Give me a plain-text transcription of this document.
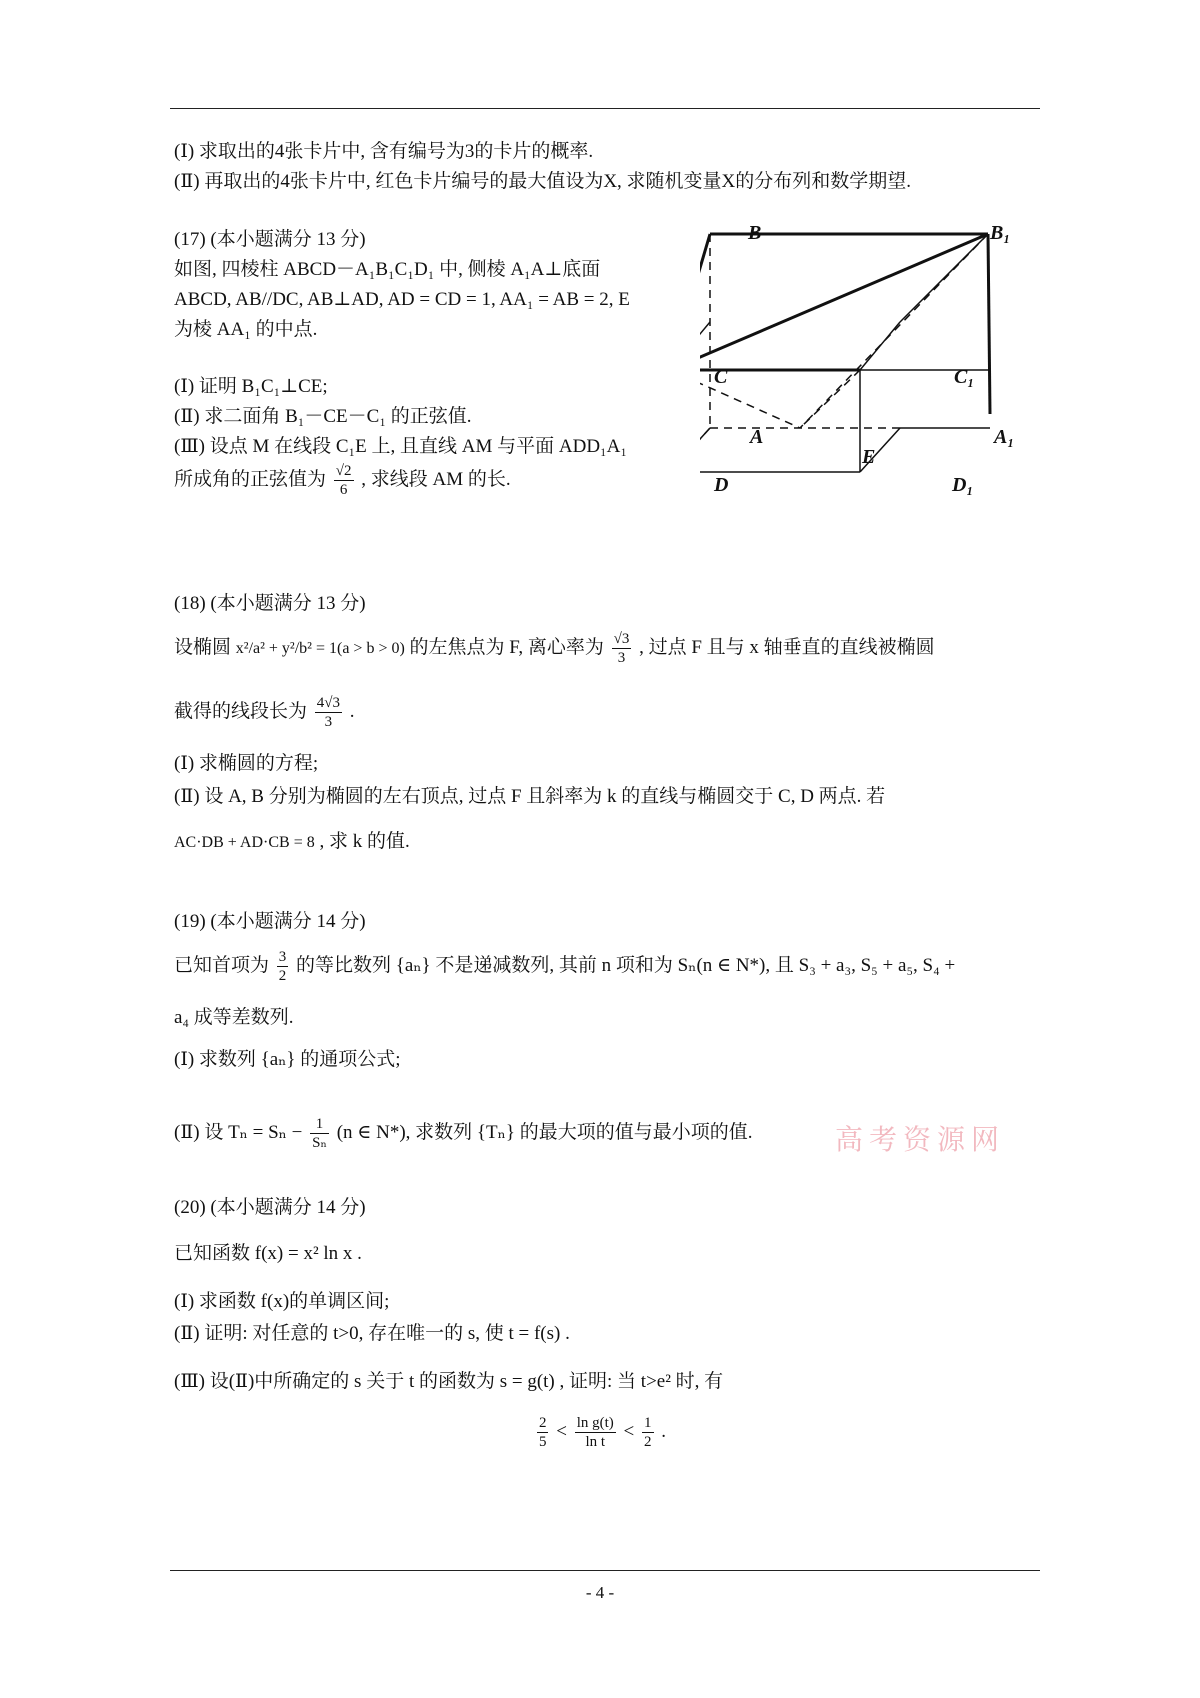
(Ⅰ) 求取出的4张卡片中, 含有编号为3的卡片的概率.
(Ⅱ) 再取出的4张卡片中, 红色卡片编号的最大值设为X, 求随机变量X的分布列和数学期望.
(17) (本小题满分 13 分)
如图, 四棱柱 ABCD－A₁B₁C₁D₁ 中, 侧棱 A₁A⊥底面
ABCD, AB//DC, AB⊥AD, AD = CD = 1, AA₁ = AB = 2, E
为棱 AA₁ 的中点.
(Ⅰ) 证明 B₁C₁⊥CE;
(Ⅱ) 求二面角 B₁－CE－C₁ 的正弦值.
(Ⅲ) 设点 M 在线段 C₁E 上, 且直线 AM 与平面 ADD₁A₁
所成角的正弦值为 $\frac{√2}{6}$ , 求线段 AM 的长.
B	B₁
C	C₁
A	A₁
D	D₁
E
(18) (本小题满分 13 分)
设椭圆 x²/a² + y²/b² = 1(a > b > 0) 的左焦点为 F, 离心率为 $\frac{√3}{3}$ , 过点 F 且与 x 轴垂直的直线被椭圆
截得的线段长为 $\frac{4√3}{3}$ .
(Ⅰ) 求椭圆的方程;
(Ⅱ) 设 A, B 分别为椭圆的左右顶点, 过点 F 且斜率为 k 的直线与椭圆交于 C, D 两点. 若
AC·DB + AD·CB = 8 , 求 k 的值.
(19) (本小题满分 14 分)
已知首项为 $\frac{3}{2}$ 的等比数列 {aₙ} 不是递减数列, 其前 n 项和为 Sₙ(n ∈ N*), 且 S₃ + a₃, S₅ + a₅, S₄ +
a₄ 成等差数列.
(Ⅰ) 求数列 {aₙ} 的通项公式;
(Ⅱ) 设 $T_n = S_n - \frac{1}{\text{Sₙ}} (n$ ∈ N*), 求数列 {Tₙ} 的最大项的值与最小项的值.	高考资源网
(20) (本小题满分 14 分)
已知函数 f(x) = x² ln x .
(Ⅰ) 求函数 f(x)的单调区间;
(Ⅱ) 证明: 对任意的 t>0, 存在唯一的 s, 使 t = f(s) .
(Ⅲ) 设(Ⅱ)中所确定的 s 关于 t 的函数为 s = g(t) , 证明: 当 t>e² 时, 有
$\frac{2}{5} < \frac{\text{ln g(t)}}{\text{ln t}} < \frac{1}{2}$ .
- 4 -
